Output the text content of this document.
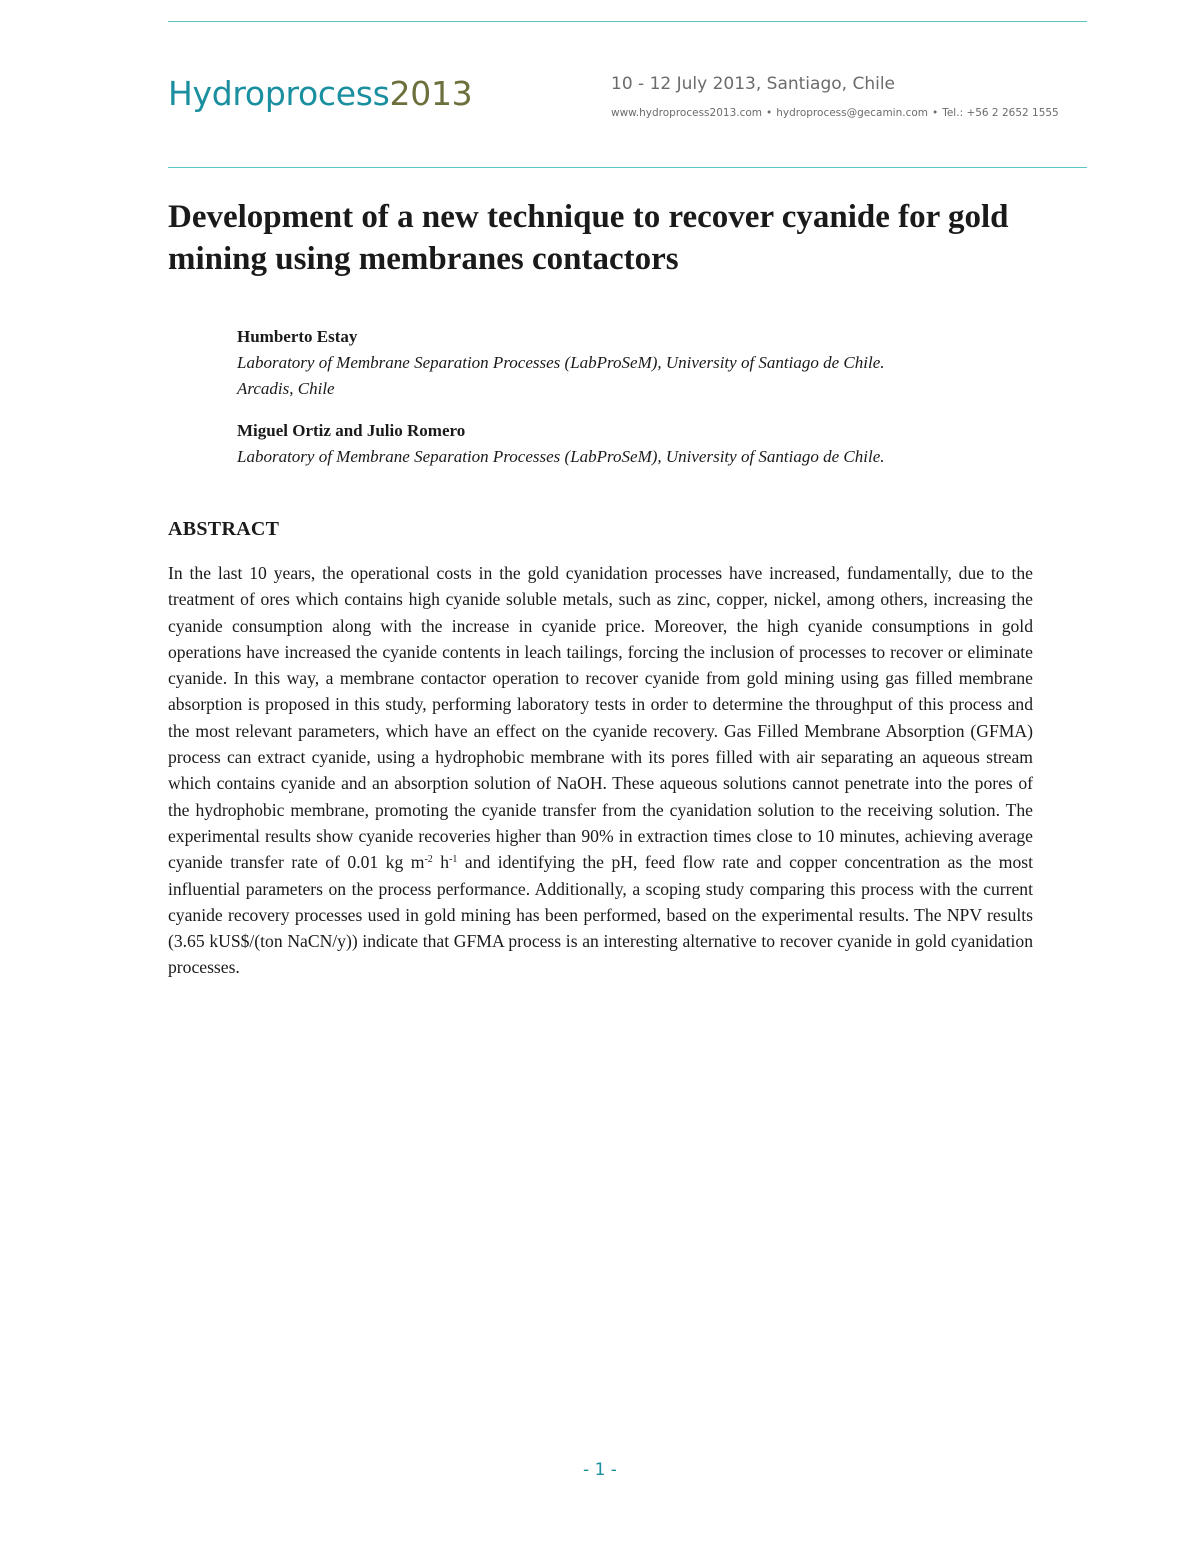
Hydroprocess2013	10 - 12 July 2013, Santiago, Chile
www.hydroprocess2013.com • hydroprocess@gecamin.com • Tel.: +56 2 2652 1555
Development of a new technique to recover cyanide for gold mining using membranes contactors
Humberto Estay
Laboratory of Membrane Separation Processes (LabProSeM), University of Santiago de Chile.
Arcadis, Chile
Miguel Ortiz and Julio Romero
Laboratory of Membrane Separation Processes (LabProSeM), University of Santiago de Chile.
ABSTRACT

In the last 10 years, the operational costs in the gold cyanidation processes have increased, fundamentally, due to the treatment of ores which contains high cyanide soluble metals, such as zinc, copper, nickel, among others, increasing the cyanide consumption along with the increase in cyanide price. Moreover, the high cyanide consumptions in gold operations have increased the cyanide contents in leach tailings, forcing the inclusion of processes to recover or eliminate cyanide. In this way, a membrane contactor operation to recover cyanide from gold mining using gas filled membrane absorption is proposed in this study, performing laboratory tests in order to determine the throughput of this process and the most relevant parameters, which have an effect on the cyanide recovery. Gas Filled Membrane Absorption (GFMA) process can extract cyanide, using a hydrophobic membrane with its pores filled with air separating an aqueous stream which contains cyanide and an absorption solution of NaOH. These aqueous solutions cannot penetrate into the pores of the hydrophobic membrane, promoting the cyanide transfer from the cyanidation solution to the receiving solution. The experimental results show cyanide recoveries higher than 90% in extraction times close to 10 minutes, achieving average cyanide transfer rate of 0.01 kg $m^{-2}$ $h^{-1}$ and identifying the pH, feed flow rate and copper concentration as the most influential parameters on the process performance. Additionally, a scoping study comparing this process with the current cyanide recovery processes used in gold mining has been performed, based on the experimental results. The NPV results (3.65 kUS$/(ton NaCN/y)) indicate that GFMA process is an interesting alternative to recover cyanide in gold cyanidation processes.

- 1 -
